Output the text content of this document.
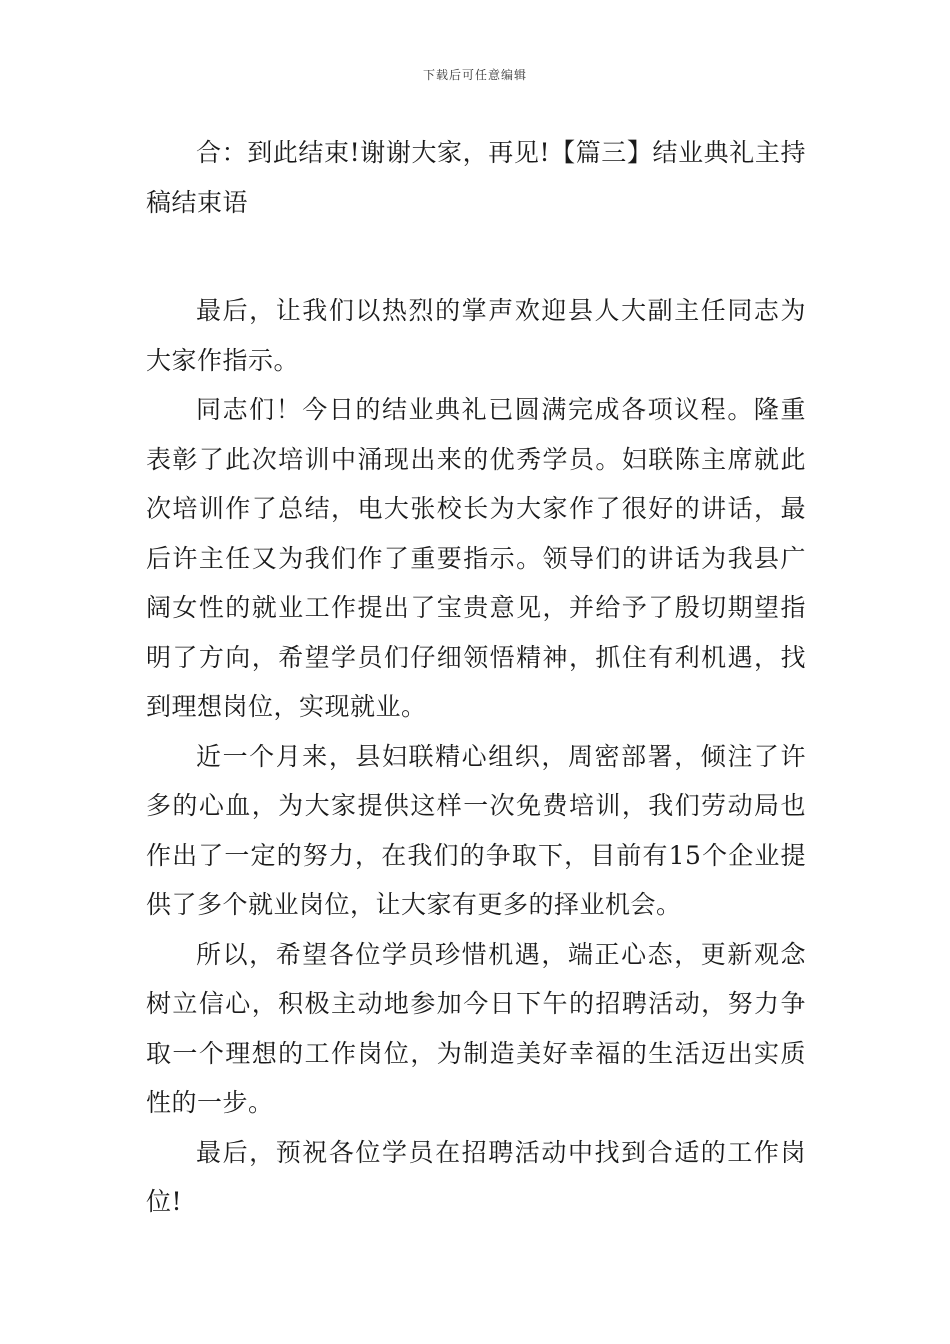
下载后可任意编辑

合：到此结束!谢谢大家，再见!【篇三】结业典礼主持稿结束语

最后，让我们以热烈的掌声欢迎县人大副主任同志为大家作指示。

同志们！今日的结业典礼已圆满完成各项议程。隆重表彰了此次培训中涌现出来的优秀学员。妇联陈主席就此次培训作了总结，电大张校长为大家作了很好的讲话，最后许主任又为我们作了重要指示。领导们的讲话为我县广阔女性的就业工作提出了宝贵意见，并给予了殷切期望指明了方向，希望学员们仔细领悟精神，抓住有利机遇，找到理想岗位，实现就业。

近一个月来，县妇联精心组织，周密部署，倾注了许多的心血，为大家提供这样一次免费培训，我们劳动局也作出了一定的努力，在我们的争取下，目前有15个企业提供了多个就业岗位，让大家有更多的择业机会。

所以，希望各位学员珍惜机遇，端正心态，更新观念树立信心，积极主动地参加今日下午的招聘活动，努力争取一个理想的工作岗位，为制造美好幸福的生活迈出实质性的一步。

最后，预祝各位学员在招聘活动中找到合适的工作岗位!
